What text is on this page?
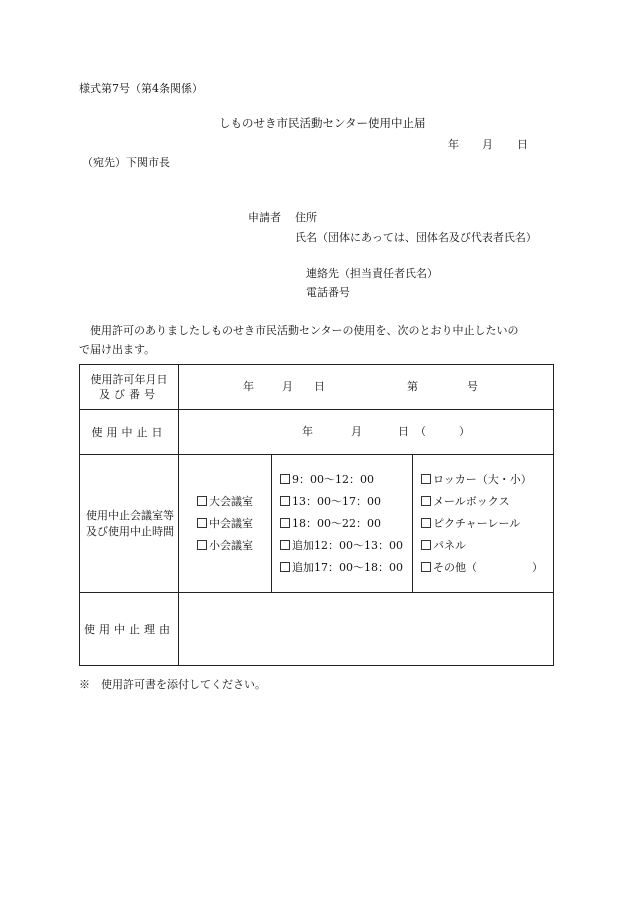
様式第7号（第4条関係）
しものせき市民活動センター使用中止届
年 月 日
（宛先）下関市長
申請者 住所
氏名（団体にあっては、団体名及び代表者氏名）
連絡先（担当責任者氏名）
電話番号
使用許可のありましたしものせき市民活動センターの使用を、次のとおり中止したいの
で届け出ます。
使用許可年月日
及び番号	年 月 日 第 号		

使用中止日	年 月 日 （　　　）		

使用中止会議室等
及び使用中止時間	大会議室
中会議室
小会議室	9：00～12：00
13：00～17：00
18：00～22：00
追加12：00～13：00
追加17：00～18：00	ロッカー（大・小）
メールボックス
ピクチャーレール
パネル
その他（　　　　　）

使用中止理由			
※　使用許可書を添付してください。
